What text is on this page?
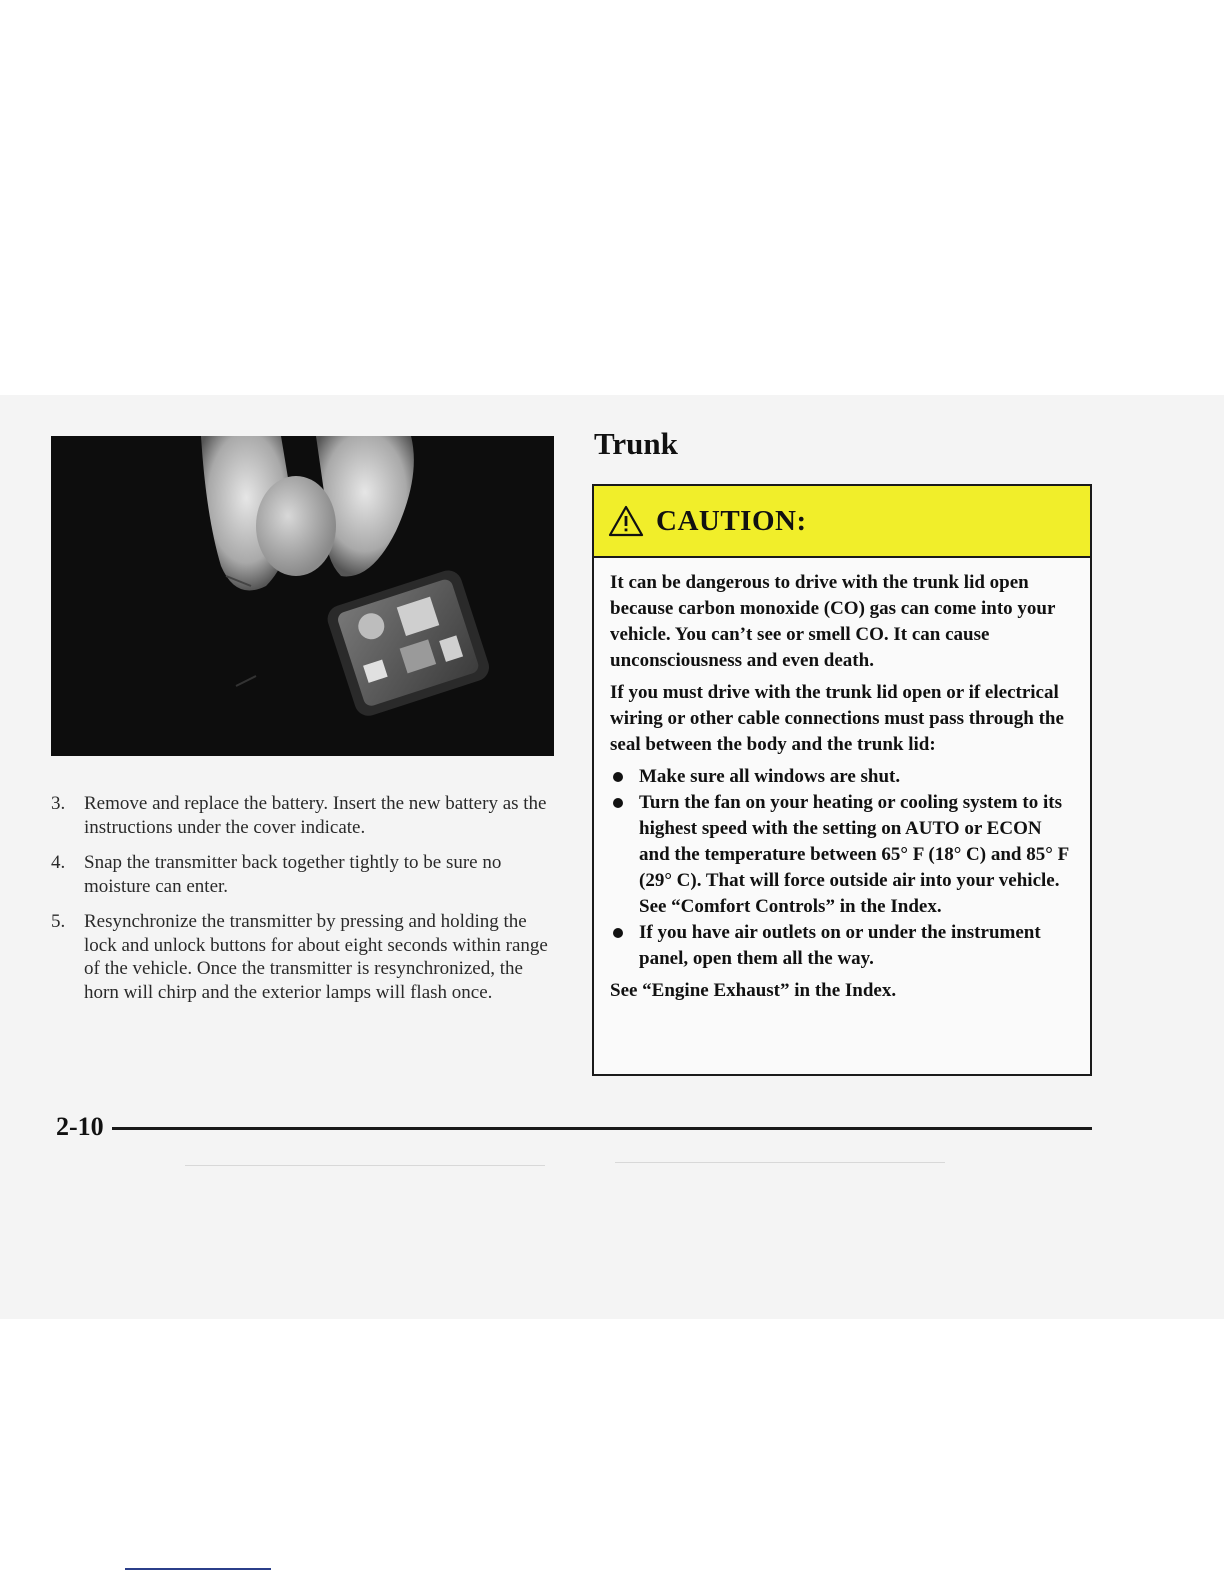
3. Remove and replace the battery. Insert the new battery as the instructions under the cover indicate.
4. Snap the transmitter back together tightly to be sure no moisture can enter.
5. Resynchronize the transmitter by pressing and holding the lock and unlock buttons for about eight seconds within range of the vehicle. Once the transmitter is resynchronized, the horn will chirp and the exterior lamps will flash once.
Trunk
CAUTION:

It can be dangerous to drive with the trunk lid open because carbon monoxide (CO) gas can come into your vehicle. You can’t see or smell CO. It can cause unconsciousness and even death.

If you must drive with the trunk lid open or if electrical wiring or other cable connections must pass through the seal between the body and the trunk lid:

Make sure all windows are shut.
Turn the fan on your heating or cooling system to its highest speed with the setting on AUTO or ECON and the temperature between 65° F (18° C) and 85° F (29° C). That will force outside air into your vehicle. See “Comfort Controls” in the Index.
If you have air outlets on or under the instrument panel, open them all the way.

See “Engine Exhaust” in the Index.

2-10
